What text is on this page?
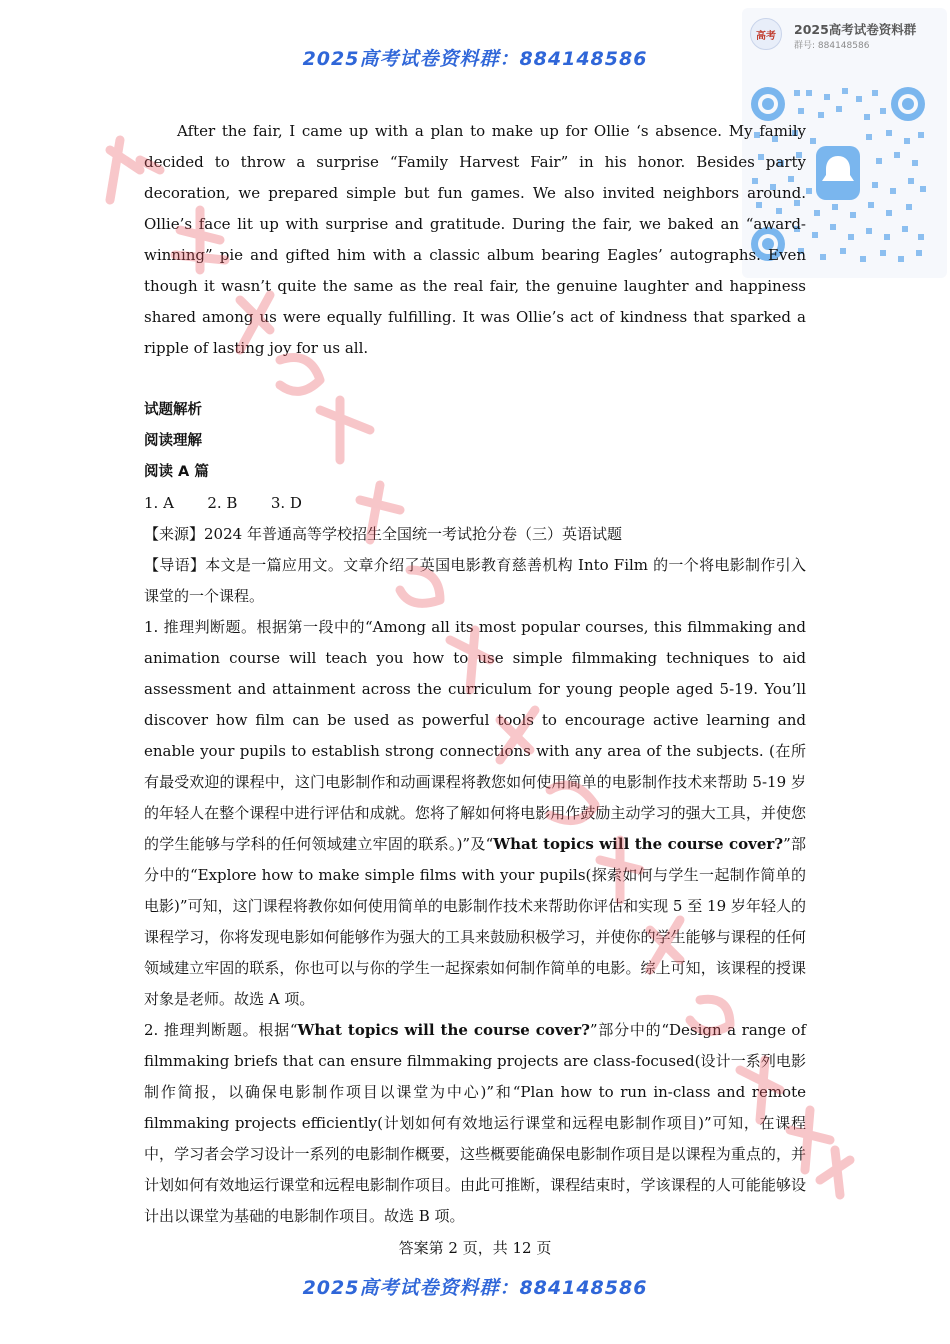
2025高考试卷资料群：884148586
高考	2025高考试卷资料群
群号: 884148586

After the fair, I came up with a plan to make up for Ollie ‘s absence. My family decided to throw a surprise “Family Harvest Fair” in his honor. Besides party decoration, we prepared simple but fun games. We also invited neighbors around. Ollie’s face lit up with surprise and gratitude. During the fair, we baked an “award-winning” pie and gifted him with a classic album bearing Eagles’ autographs. Even though it wasn’t quite the same as the real fair, the genuine laughter and happiness shared among us were equally fulfilling. It was Ollie’s act of kindness that sparked a ripple of lasting joy for us all.

试题解析

阅读理解

阅读 A 篇

1. A 2. B 3. D

【来源】2024 年普通高等学校招生全国统一考试抢分卷（三）英语试题

【导语】本文是一篇应用文。文章介绍了英国电影教育慈善机构 Into Film 的一个将电影制作引入课堂的一个课程。

1. 推理判断题。根据第一段中的“Among all its most popular courses, this filmmaking and animation course will teach you how to use simple filmmaking techniques to aid assessment and attainment across the curriculum for young people aged 5-19. You’ll discover how film can be used as powerful tools to encourage active learning and enable your pupils to establish strong connections with any area of the subjects. (在所有最受欢迎的课程中，这门电影制作和动画课程将教您如何使用简单的电影制作技术来帮助 5-19 岁的年轻人在整个课程中进行评估和成就。您将了解如何将电影用作鼓励主动学习的强大工具，并使您的学生能够与学科的任何领域建立牢固的联系。)”及“What topics will the course cover?”部分中的“Explore how to make simple films with your pupils(探索如何与学生一起制作简单的电影)”可知，这门课程将教你如何使用简单的电影制作技术来帮助你评估和实现 5 至 19 岁年轻人的课程学习，你将发现电影如何能够作为强大的工具来鼓励积极学习，并使你的学生能够与课程的任何领域建立牢固的联系，你也可以与你的学生一起探索如何制作简单的电影。综上可知，该课程的授课对象是老师。故选 A 项。

2. 推理判断题。根据“What topics will the course cover?”部分中的“Design a range of filmmaking briefs that can ensure filmmaking projects are class-focused(设计一系列电影制作简报，以确保电影制作项目以课堂为中心)”和“Plan how to run in-class and remote filmmaking projects efficiently(计划如何有效地运行课堂和远程电影制作项目)”可知，在课程中，学习者会学习设计一系列的电影制作概要，这些概要能确保电影制作项目是以课程为重点的，并计划如何有效地运行课堂和远程电影制作项目。由此可推断，课程结束时，学该课程的人可能能够设计出以课堂为基础的电影制作项目。故选 B 项。

答案第 2 页，共 12 页
2025高考试卷资料群：884148586
